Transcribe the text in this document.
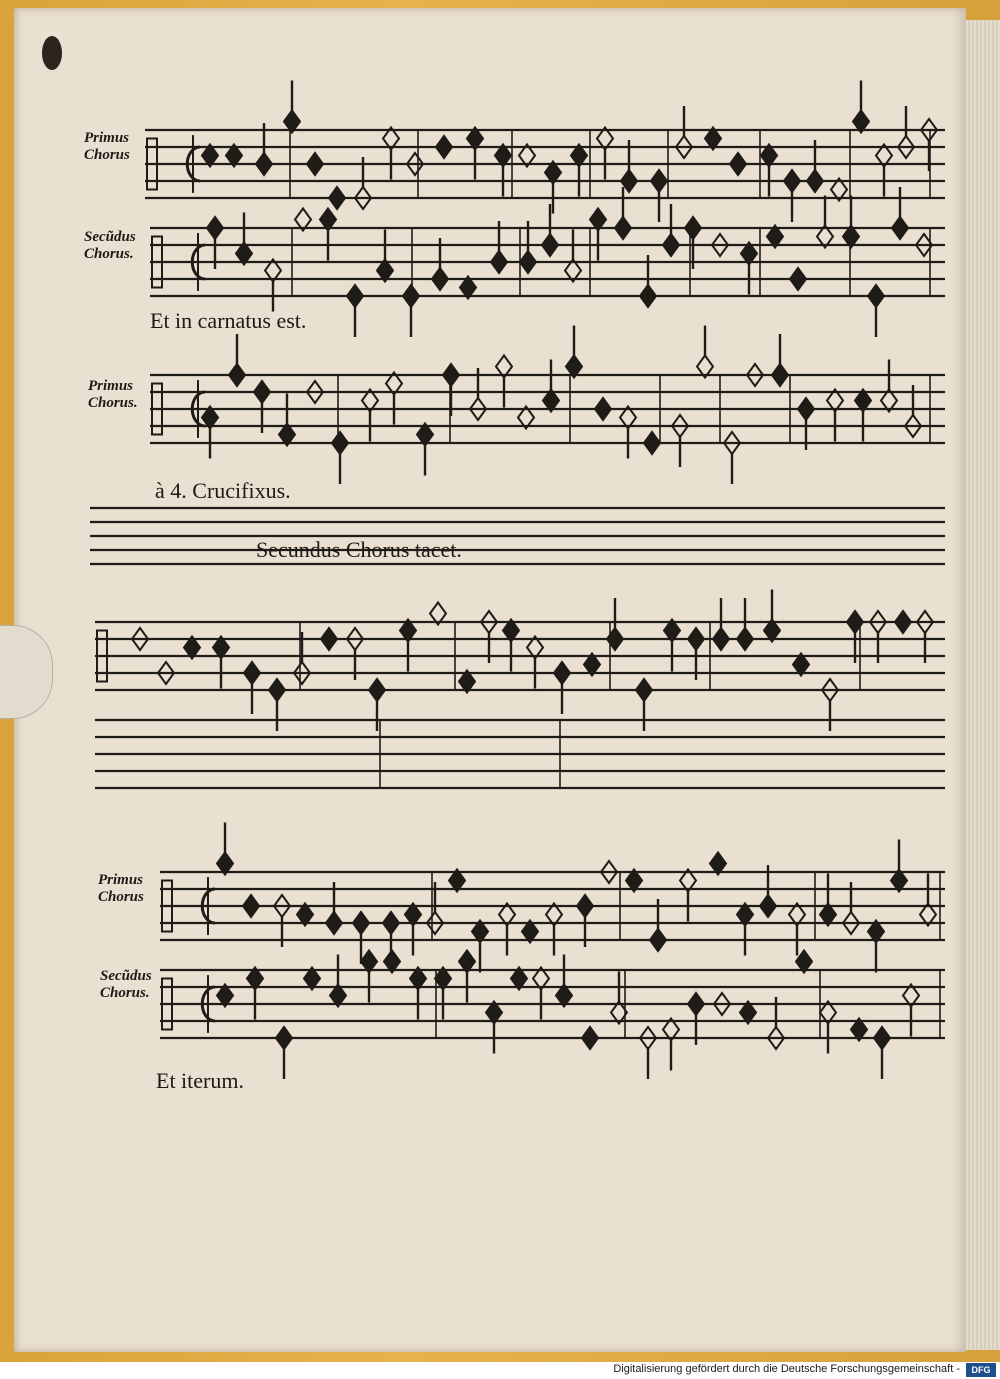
Primus
Chorus
Secũdus
Chorus.
Primus
Chorus.
Primus
Chorus
Secũdus
Chorus.
Et in carnatus est.
à 4. Crucifixus.
Secundus Chorus tacet.
Et iterum.
Digitalisierung gefördert durch die Deutsche Forschungsgemeinschaft -	DFG
